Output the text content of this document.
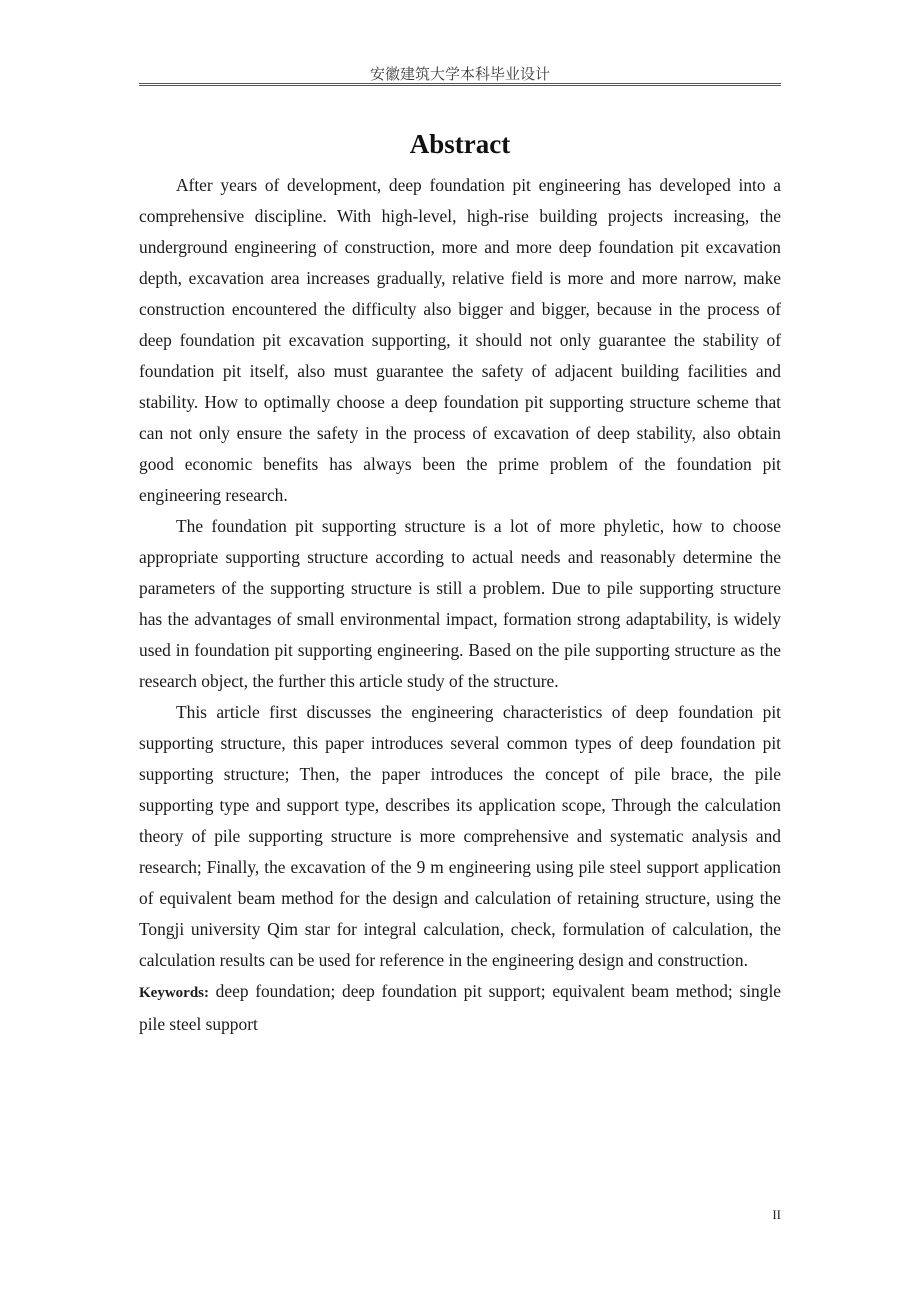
安徽建筑大学本科毕业设计
Abstract

After years of development, deep foundation pit engineering has developed into a comprehensive discipline. With high-level, high-rise building projects increasing, the underground engineering of construction, more and more deep foundation pit excavation depth, excavation area increases gradually, relative field is more and more narrow, make construction encountered the difficulty also bigger and bigger, because in the process of deep foundation pit excavation supporting, it should not only guarantee the stability of foundation pit itself, also must guarantee the safety of adjacent building facilities and stability. How to optimally choose a deep foundation pit supporting structure scheme that can not only ensure the safety in the process of excavation of deep stability, also obtain good economic benefits has always been the prime problem of the foundation pit engineering research.

The foundation pit supporting structure is a lot of more phyletic, how to choose appropriate supporting structure according to actual needs and reasonably determine the parameters of the supporting structure is still a problem. Due to pile supporting structure has the advantages of small environmental impact, formation strong adaptability, is widely used in foundation pit supporting engineering. Based on the pile supporting structure as the research object, the further this article study of the structure.

This article first discusses the engineering characteristics of deep foundation pit supporting structure, this paper introduces several common types of deep foundation pit supporting structure; Then, the paper introduces the concept of pile brace, the pile supporting type and support type, describes its application scope, Through the calculation theory of pile supporting structure is more comprehensive and systematic analysis and research; Finally, the excavation of the 9 m engineering using pile steel support application of equivalent beam method for the design and calculation of retaining structure, using the Tongji university Qim star for integral calculation, check, formulation of calculation, the calculation results can be used for reference in the engineering design and construction.

Keywords: deep foundation; deep foundation pit support; equivalent beam method; single pile steel support

II
